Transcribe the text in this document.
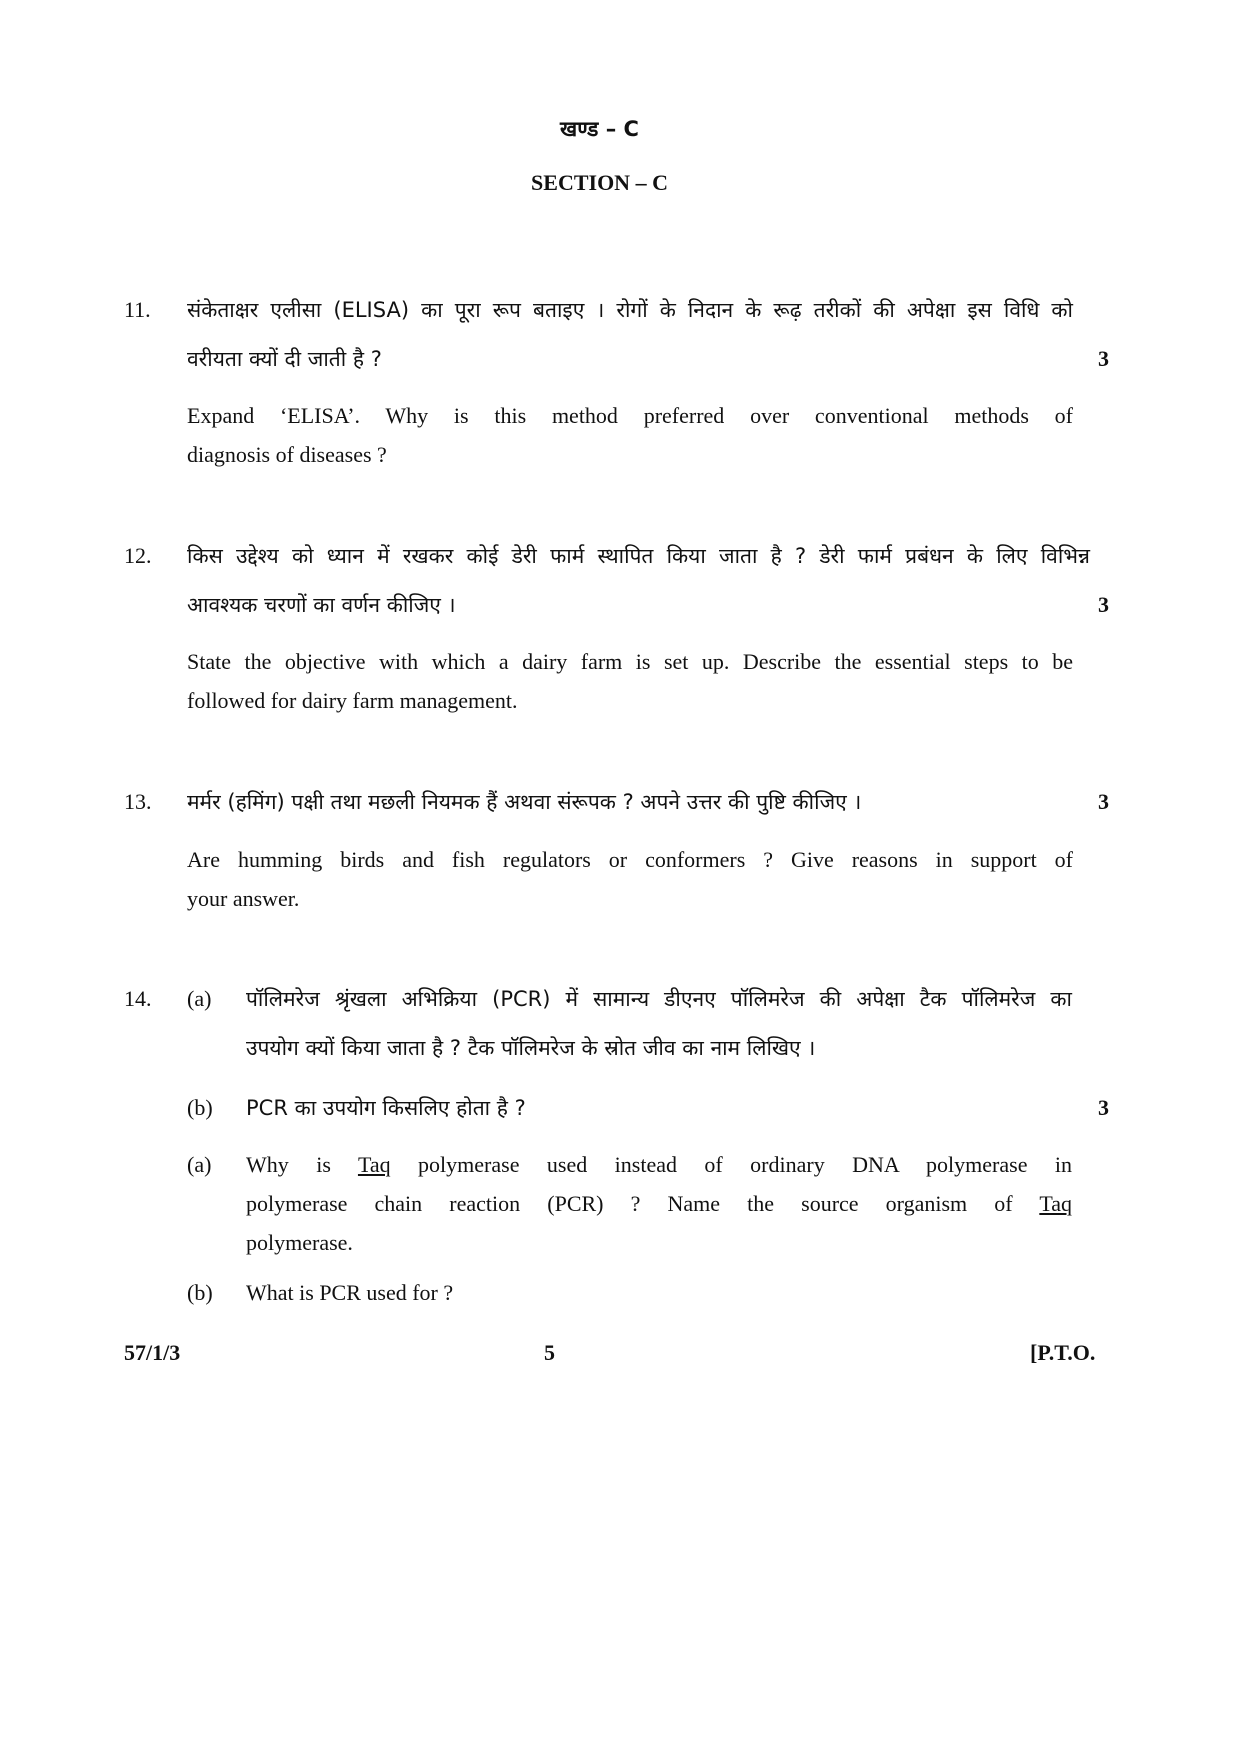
खण्ड – C
SECTION – C
11. संकेताक्षर एलीसा (ELISA) का पूरा रूप बताइए । रोगों के निदान के रूढ़ तरीकों की अपेक्षा इस विधि को
वरीयता क्यों दी जाती है ?	3
Expand ‘ELISA’. Why is this method preferred over conventional methods of
diagnosis of diseases ?
12. किस उद्देश्य को ध्यान में रखकर कोई डेरी फार्म स्थापित किया जाता है ? डेरी फार्म प्रबंधन के लिए विभिन्न
आवश्यक चरणों का वर्णन कीजिए ।	3
State the objective with which a dairy farm is set up. Describe the essential steps to be
followed for dairy farm management.
13. मर्मर (हमिंग) पक्षी तथा मछली नियमक हैं अथवा संरूपक ? अपने उत्तर की पुष्टि कीजिए ।	3
Are humming birds and fish regulators or conformers ? Give reasons in support of
your answer.
14. (a) पॉलिमरेज श्रृंखला अभिक्रिया (PCR) में सामान्य डीएनए पॉलिमरेज की अपेक्षा टैक पॉलिमरेज का
उपयोग क्यों किया जाता है ? टैक पॉलिमरेज के स्रोत जीव का नाम लिखिए ।
(b) PCR का उपयोग किसलिए होता है ?	3
(a) Why is Taq polymerase used instead of ordinary DNA polymerase in
polymerase chain reaction (PCR) ? Name the source organism of Taq
polymerase.
(b) What is PCR used for ?
57/1/3	5	[P.T.O.
